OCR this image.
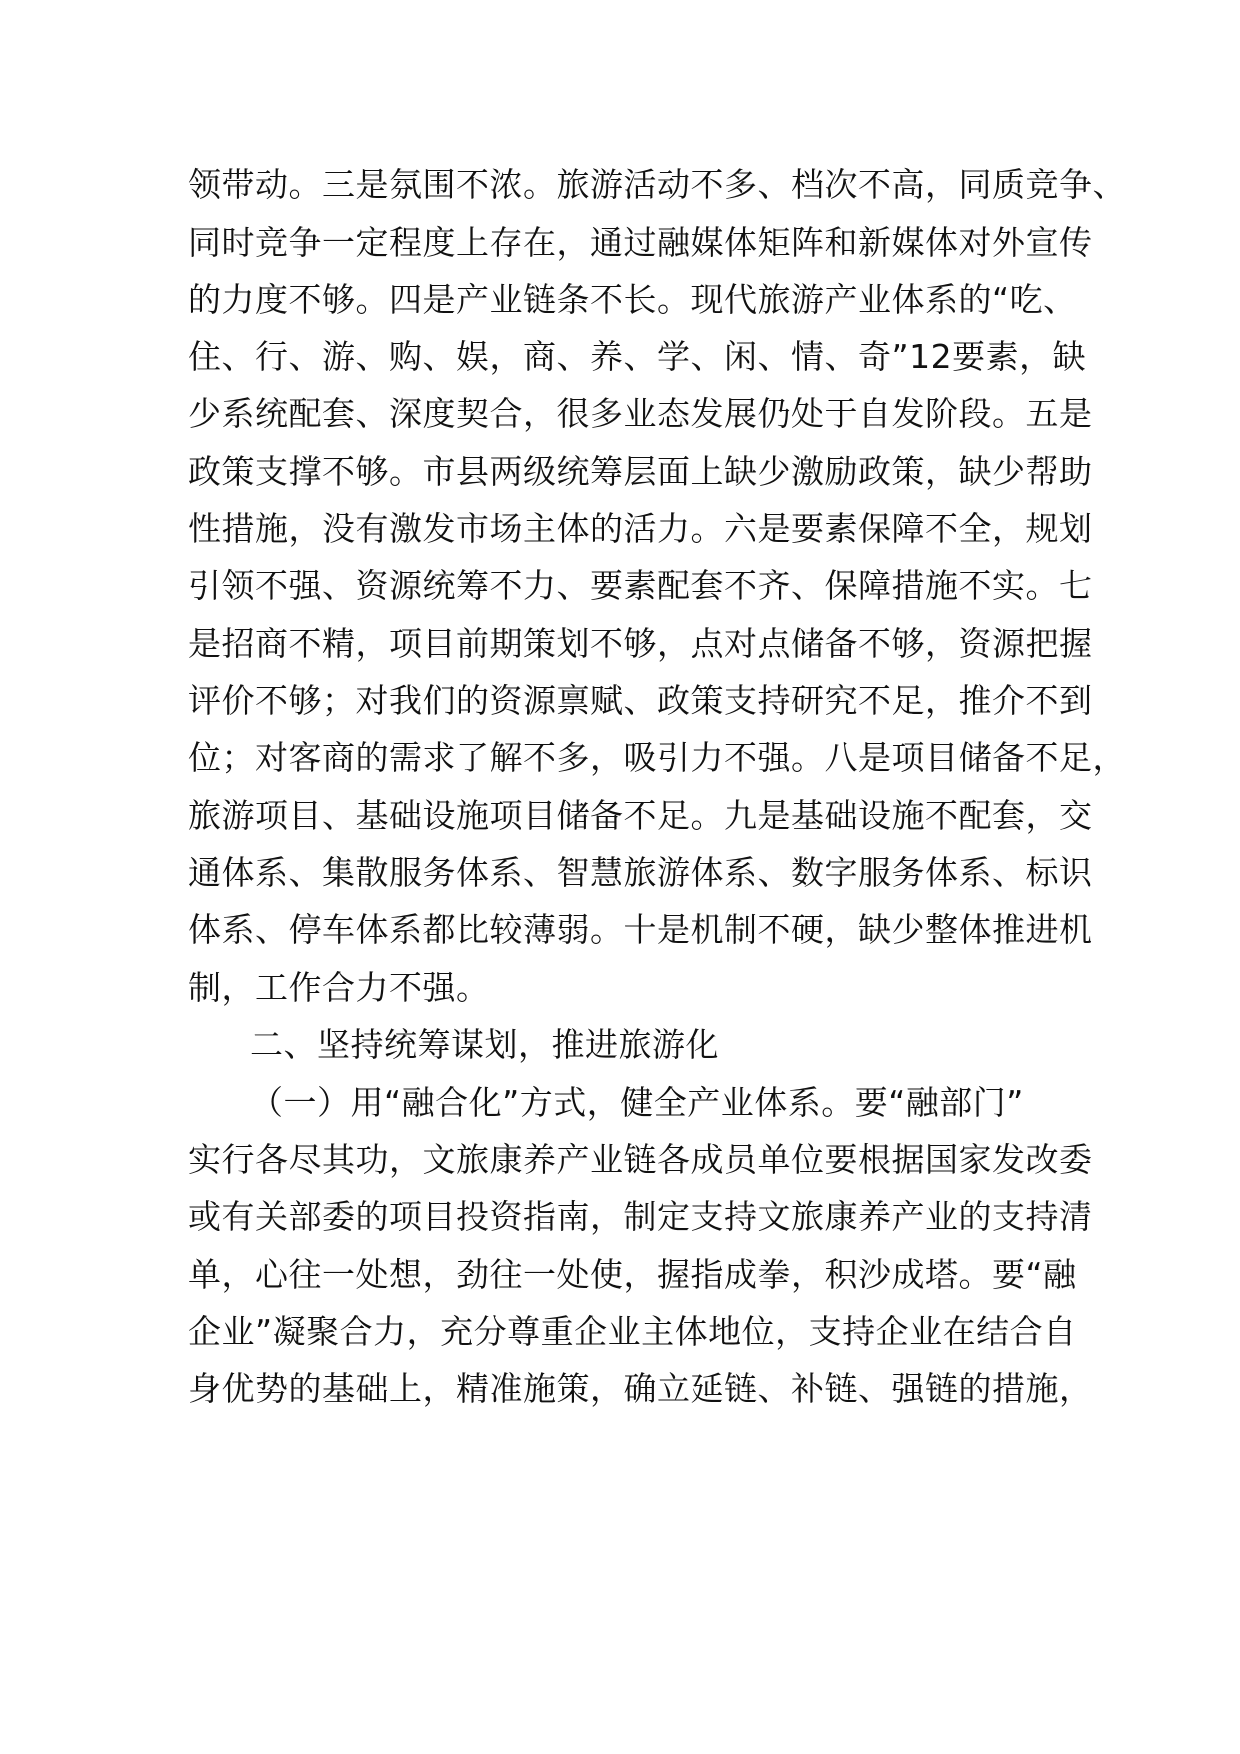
领带动。三是氛围不浓。旅游活动不多、档次不高，同质竞争、
同时竞争一定程度上存在，通过融媒体矩阵和新媒体对外宣传
的力度不够。四是产业链条不长。现代旅游产业体系的“吃、
住、行、游、购、娱，商、养、学、闲、情、奇”12要素，缺
少系统配套、深度契合，很多业态发展仍处于自发阶段。五是
政策支撑不够。市县两级统筹层面上缺少激励政策，缺少帮助
性措施，没有激发市场主体的活力。六是要素保障不全，规划
引领不强、资源统筹不力、要素配套不齐、保障措施不实。七
是招商不精，项目前期策划不够，点对点储备不够，资源把握
评价不够；对我们的资源禀赋、政策支持研究不足，推介不到
位；对客商的需求了解不多，吸引力不强。八是项目储备不足，
旅游项目、基础设施项目储备不足。九是基础设施不配套，交
通体系、集散服务体系、智慧旅游体系、数字服务体系、标识
体系、停车体系都比较薄弱。十是机制不硬，缺少整体推进机
制，工作合力不强。
二、坚持统筹谋划，推进旅游化
（一）用“融合化”方式，健全产业体系。要“融部门”
实行各尽其功，文旅康养产业链各成员单位要根据国家发改委
或有关部委的项目投资指南，制定支持文旅康养产业的支持清
单，心往一处想，劲往一处使，握指成拳，积沙成塔。要“融
企业”凝聚合力，充分尊重企业主体地位，支持企业在结合自
身优势的基础上，精准施策，确立延链、补链、强链的措施，
